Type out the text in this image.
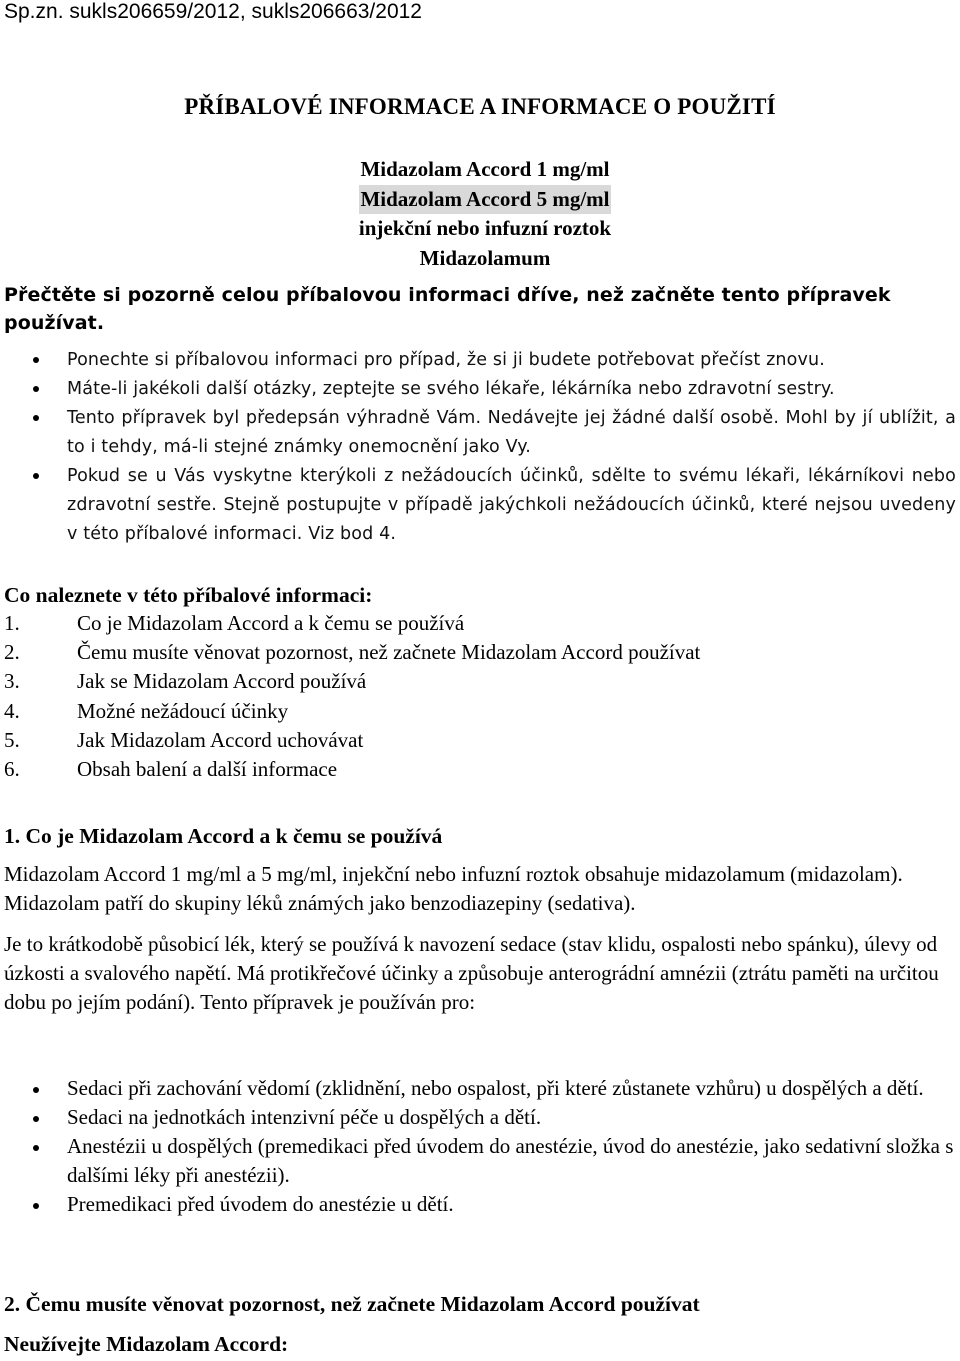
Sp.zn. sukls206659/2012, sukls206663/2012

PŘÍBALOVÉ INFORMACE A INFORMACE O POUŽITÍ
Midazolam Accord 1 mg/ml
Midazolam Accord 5 mg/ml
injekční nebo infuzní roztok
Midazolamum

Přečtěte si pozorně celou příbalovou informaci dříve, než začněte tento přípravek používat.

Ponechte si příbalovou informaci pro případ, že si ji budete potřebovat přečíst znovu.
Máte-li jakékoli další otázky, zeptejte se svého lékaře, lékárníka nebo zdravotní sestry.
Tento přípravek byl předepsán výhradně Vám. Nedávejte jej žádné další osobě. Mohl by jí ublížit, a to i tehdy, má-li stejné známky onemocnění jako Vy.
Pokud se u Vás vyskytne kterýkoli z nežádoucích účinků, sdělte to svému lékaři, lékárníkovi nebo zdravotní sestře. Stejně postupujte v případě jakýchkoli nežádoucích účinků, které nejsou uvedeny v této příbalové informaci. Viz bod 4.
Co naleznete v této příbalové informaci:
1.	Co je Midazolam Accord a k čemu se používá
2.	Čemu musíte věnovat pozornost, než začnete Midazolam Accord používat
3.	Jak se Midazolam Accord používá
4.	Možné nežádoucí účinky
5.	Jak Midazolam Accord uchovávat
6.	Obsah balení a další informace
1. Co je Midazolam Accord a k čemu se používá

Midazolam Accord 1 mg/ml a 5 mg/ml, injekční nebo infuzní roztok obsahuje midazolamum (midazolam). Midazolam patří do skupiny léků známých jako benzodiazepiny (sedativa).

Je to krátkodobě působicí lék, který se používá k navození sedace (stav klidu, ospalosti nebo spánku), úlevy od úzkosti a svalového napětí. Má protikřečové účinky a způsobuje anterográdní amnézii (ztrátu paměti na určitou dobu po jejím podání). Tento přípravek je používán pro:

Sedaci při zachování vědomí (zklidnění, nebo ospalost, při které zůstanete vzhůru) u dospělých a dětí.
Sedaci na jednotkách intenzivní péče u dospělých a dětí.
Anestézii u dospělých (premedikaci před úvodem do anestézie, úvod do anestézie, jako sedativní složka s dalšími léky při anestézii).
Premedikaci před úvodem do anestézie u dětí.
2. Čemu musíte věnovat pozornost, než začnete Midazolam Accord používat
Neužívejte Midazolam Accord:
